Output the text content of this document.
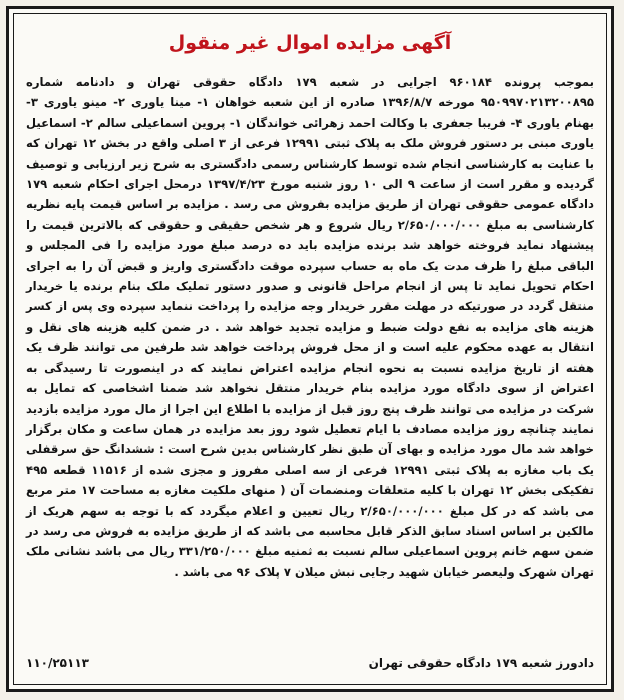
آگهی مزایده اموال غیر منقول

بموجب پرونده ۹۶۰۱۸۴ اجرایی در شعبه ۱۷۹ دادگاه حقوقی تهران و دادنامه شماره ۹۵۰۹۹۷۰۲۱۳۲۰۰۸۹۵ مورخه ۱۳۹۶/۸/۷ صادره از این شعبه خواهان ۱- مینا یاوری ۲- مینو یاوری ۳- بهنام یاوری ۴- فریبا جعفری با وکالت احمد زهرائی خواندگان ۱- پروین اسماعیلی سالم ۲- اسماعیل یاوری مبنی بر دستور فروش ملک به پلاک ثبتی ۱۲۹۹۱ فرعی از ۳ اصلی واقع در بخش ۱۲ تهران که با عنایت به کارشناسی انجام شده توسط کارشناس رسمی دادگستری به شرح زیر ارزیابی و توصیف گردیده و مقرر است از ساعت ۹ الی ۱۰ روز شنبه مورخ ۱۳۹۷/۴/۲۳ درمحل اجرای احکام شعبه ۱۷۹ دادگاه عمومی حقوقی تهران از طریق مزایده بفروش می رسد . مزایده بر اساس قیمت پایه نظریه کارشناسی به مبلغ ۲/۶۵۰/۰۰۰/۰۰۰ ریال شروع و هر شخص حقیقی و حقوقی که بالاترین قیمت را پیشنهاد نماید فروخته خواهد شد برنده مزایده باید ده درصد مبلغ مورد مزایده را فی المجلس و الباقی مبلغ را ظرف مدت یک ماه به حساب سپرده موقت دادگستری واریز و قبض آن را به اجرای احکام تحویل نماید تا پس از انجام مراحل قانونی و صدور دستور تملیک ملک بنام برنده یا خریدار منتقل گردد در صورتیکه در مهلت مقرر خریدار وجه مزایده را پرداخت ننماید سپرده وی پس از کسر هزینه های مزایده به نفع دولت ضبط و مزایده تجدید خواهد شد . در ضمن کلیه هزینه های نقل و انتقال به عهده محکوم علیه است و از محل فروش پرداخت خواهد شد طرفین می توانند ظرف یک هفته از تاریخ مزایده نسبت به نحوه انجام مزایده اعتراض نمایند که در اینصورت تا رسیدگی به اعتراض از سوی دادگاه مورد مزایده بنام خریدار منتقل نخواهد شد ضمنا اشخاصی که تمایل به شرکت در مزایده می توانند ظرف پنج روز قبل از مزایده با اطلاع این اجرا از مال مورد مزایده بازدید نمایند چنانچه روز مزایده مصادف با ایام تعطیل شود روز بعد مزایده در همان ساعت و مکان برگزار خواهد شد مال مورد مزایده و بهای آن طبق نظر کارشناس بدین شرح است : ششدانگ حق سرقفلی یک باب مغازه به پلاک ثبتی ۱۲۹۹۱ فرعی از سه اصلی مفروز و مجزی شده از ۱۱۵۱۶ قطعه ۴۹۵ تفکیکی بخش ۱۲ تهران با کلیه متعلقات ومنضمات آن ( منهای ملکیت مغازه به مساحت ۱۷ متر مربع می باشد که در کل مبلغ ۲/۶۵۰/۰۰۰/۰۰۰ ریال تعیین و اعلام میگردد که با توجه به سهم هریک از مالکین بر اساس اسناد سابق الذکر قابل محاسبه می باشد که از طریق مزایده به فروش می رسد در ضمن سهم خانم پروین اسماعیلی سالم نسبت به ثمنیه مبلغ ۳۳۱/۲۵۰/۰۰۰ ریال می باشد نشانی ملک تهران شهرک ولیعصر خیابان شهید رجایی نبش میلان ۷ پلاک ۹۶ می باشد .

دادورز شعبه ۱۷۹ دادگاه حقوقی تهران
۱۱۰/۲۵۱۱۳
